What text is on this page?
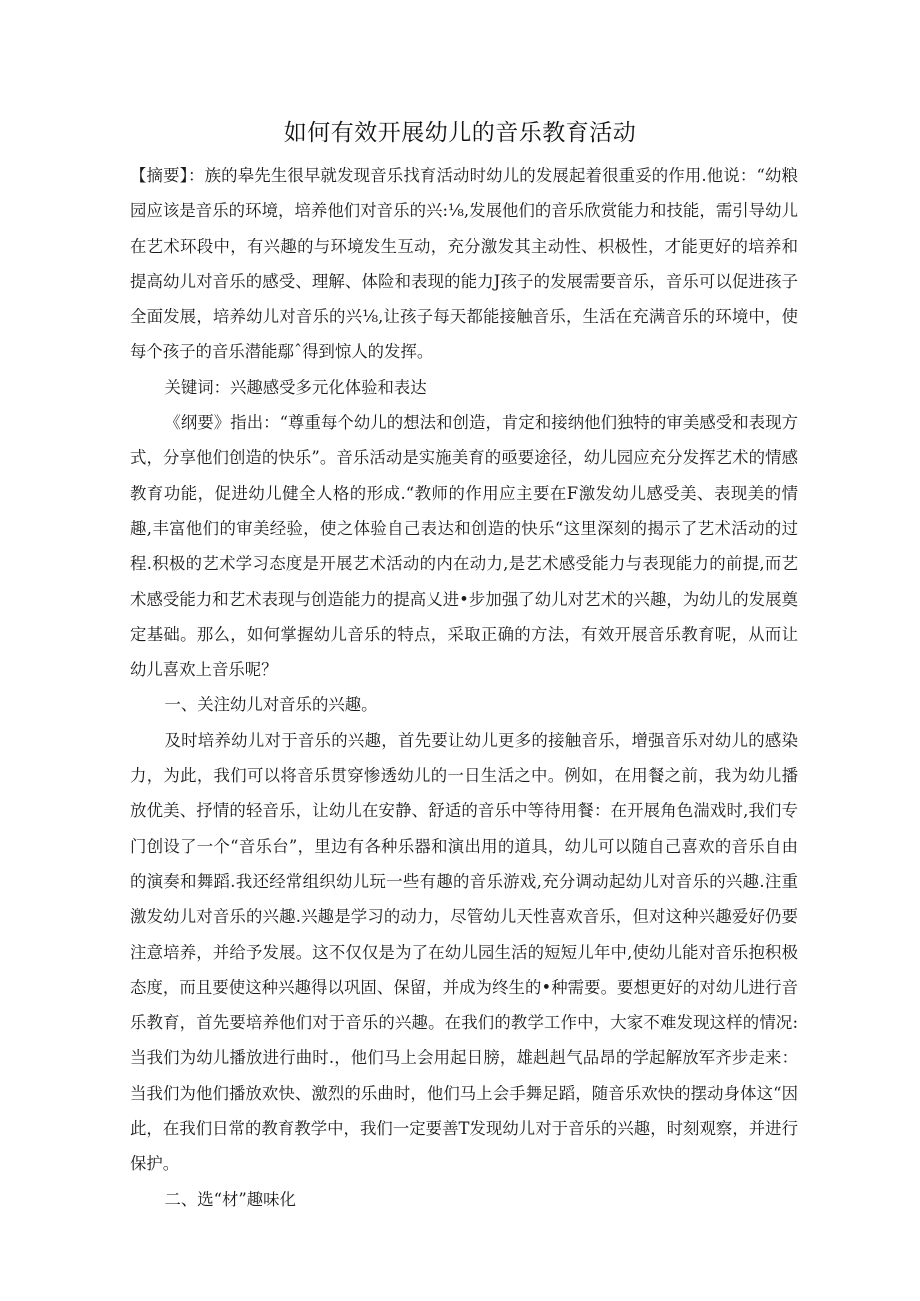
如何有效开展幼儿的音乐教育活动

【摘要】：族的皋先生很早就发现音乐找育活动时幼儿的发展起着很重妥的作用.他说：“幼粮园应该是音乐的环境，培养他们对音乐的兴:⅛,发展他们的音乐欣赏能力和技能，需引导幼儿在艺术环段中，有兴趣的与环境发生互动，充分激发其主动性、枳极性，才能更好的培养和提高幼儿对音乐的感受、理解、体险和表现的能力J孩子的发展需要音乐，音乐可以促进孩子全面发展，培养幼儿对音乐的兴⅛,让孩子每天都能接触音乐，生活在充满音乐的环境中，使每个孩子的音乐潜能鄢ˆ得到惊人的发挥。

关键词：兴趣感受多元化体验和表达

《纲要》指出：“尊重每个幼儿的想法和创造，肯定和接纳他们独特的审美感受和表现方式，分享他们创造的快乐”。音乐活动是实施美育的亟要途径，幼儿园应充分发挥艺术的情感教育功能，促进幼儿健全人格的形成.“教师的作用应主要在F激发幼儿感受美、表现美的情趣,丰富他们的审美经验，使之体验自己表达和创造的快乐“这里深刻的揭示了艺术活动的过程.积极的艺术学习态度是开展艺术活动的内在动力,是艺术感受能力与表现能力的前提,而艺术感受能力和艺术表现与创造能力的提高乂进•步加强了幼儿对艺术的兴趣，为幼儿的发展奠定基础。那么，如何掌握幼儿音乐的特点，采取正确的方法，有效开展音乐教育呢，从而让幼儿喜欢上音乐呢？

一、关注幼儿对音乐的兴趣。

及时培养幼儿对于音乐的兴趣，首先要让幼儿更多的接触音乐，增强音乐对幼儿的感染力，为此，我们可以将音乐贯穿惨透幼儿的一日生活之中。例如，在用餐之前，我为幼儿播放优美、抒情的轻音乐，让幼儿在安静、舒适的音乐中等待用餐：在开展角色湍戏时,我们专门创设了一个“音乐台”，里边有各种乐器和演出用的道具，幼儿可以随自己喜欢的音乐自由的演奏和舞蹈.我还经常组织幼儿玩一些有趣的音乐游戏,充分调动起幼儿对音乐的兴趣.注重激发幼儿对音乐的兴趣.兴趣是学习的动力，尽管幼儿天性喜欢音乐，但对这种兴趣爱好仍要注意培养，并给予发展。这不仅仅是为了在幼儿园生活的短短儿年中,使幼儿能对音乐抱积极态度，而且要使这种兴趣得以巩固、保留，并成为终生的•种需要。要想更好的对幼儿进行音乐教育，首先要培养他们对于音乐的兴趣。在我们的教学工作中，大家不难发现这样的情况:当我们为幼儿播放进行曲时.，他们马上会用起日膀，雄赳赳气品昂的学起解放军齐步走来：当我们为他们播放欢快、激烈的乐曲时，他们马上会手舞足蹈，随音乐欢快的摆动身体这“因此，在我们日常的教育教学中，我们一定要善T发现幼儿对于音乐的兴趣，时刻观察，并进行保护。

二、选“材”趣味化
